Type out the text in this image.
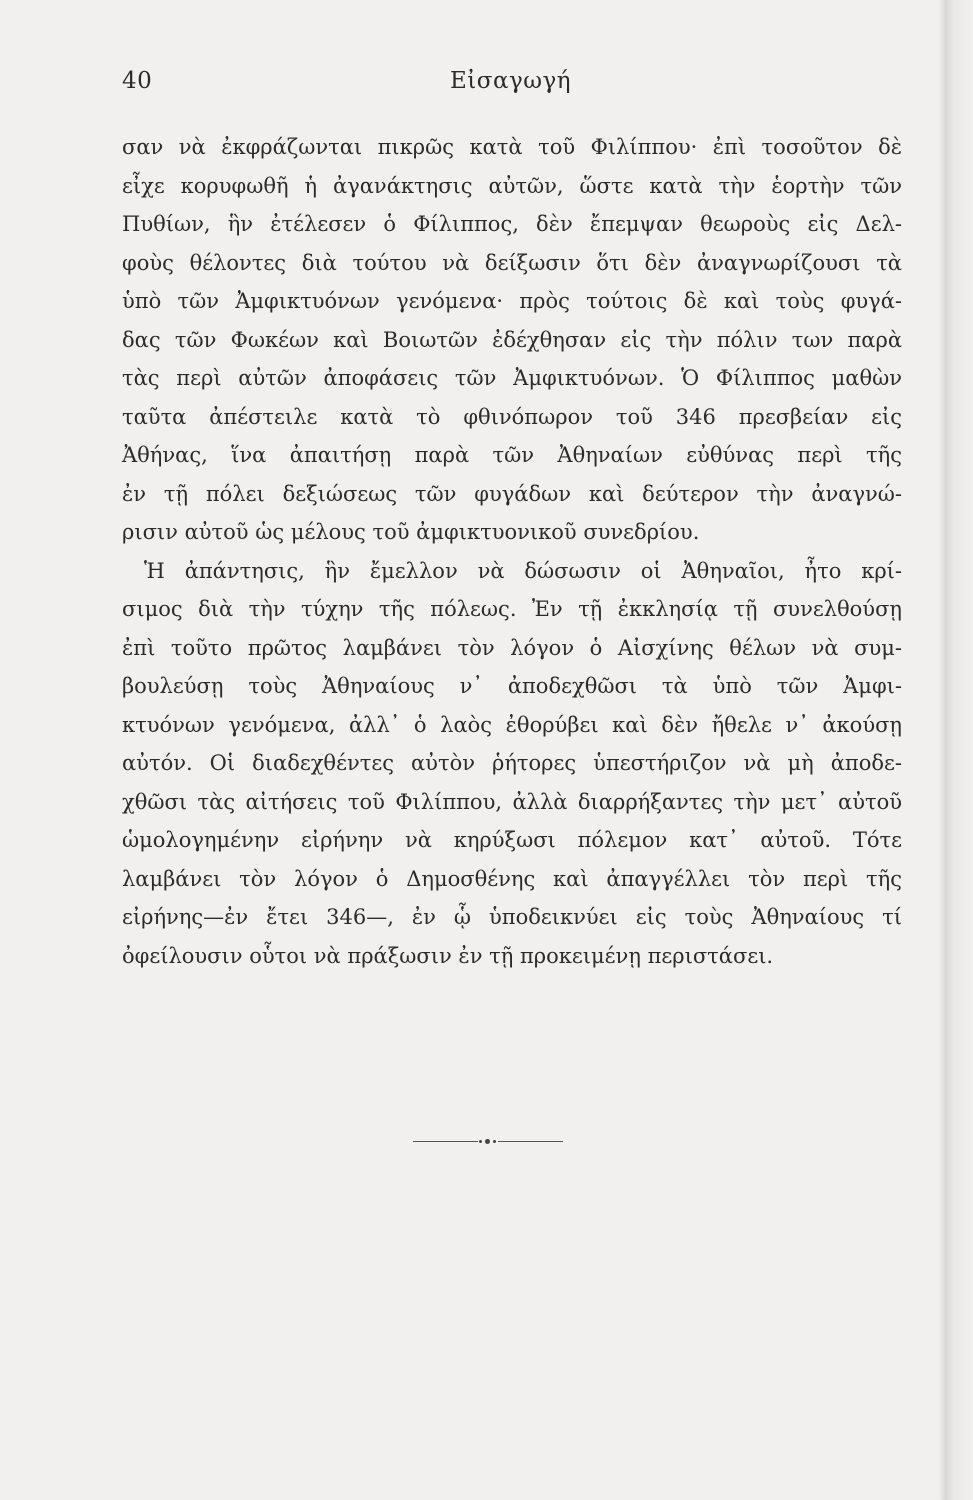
40	Εἰσαγωγή
σαν νὰ ἐκφράζωνται πικρῶς κατὰ τοῦ Φιλίππου· ἐπὶ τοσοῦτον δὲ
εἶχε κορυφωθῆ ἡ ἀγανάκτησις αὐτῶν, ὥστε κατὰ τὴν ἑορτὴν τῶν
Πυθίων, ἣν ἐτέλεσεν ὁ Φίλιππος, δὲν ἔπεμψαν θεωροὺς εἰς Δελ-
φοὺς θέλοντες διὰ τούτου νὰ δείξωσιν ὅτι δὲν ἀναγνωρίζουσι τὰ
ὑπὸ τῶν Ἀμφικτυόνων γενόμενα· πρὸς τούτοις δὲ καὶ τοὺς φυγά-
δας τῶν Φωκέων καὶ Βοιωτῶν ἐδέχθησαν εἰς τὴν πόλιν των παρὰ
τὰς περὶ αὐτῶν ἀποφάσεις τῶν Ἀμφικτυόνων. Ὁ Φίλιππος μαθὼν
ταῦτα ἀπέστειλε κατὰ τὸ φθινόπωρον τοῦ 346 πρεσβείαν εἰς
Ἀθήνας, ἵνα ἀπαιτήσῃ παρὰ τῶν Ἀθηναίων εὐθύνας περὶ τῆς
ἐν τῇ πόλει δεξιώσεως τῶν φυγάδων καὶ δεύτερον τὴν ἀναγνώ-
ρισιν αὐτοῦ ὡς μέλους τοῦ ἀμφικτυονικοῦ συνεδρίου.
Ἡ ἀπάντησις, ἣν ἔμελλον νὰ δώσωσιν οἱ Ἀθηναῖοι, ἦτο κρί-
σιμος διὰ τὴν τύχην τῆς πόλεως. Ἐν τῇ ἐκκλησίᾳ τῇ συνελθούσῃ
ἐπὶ τοῦτο πρῶτος λαμβάνει τὸν λόγον ὁ Αἰσχίνης θέλων νὰ συμ-
βουλεύσῃ τοὺς Ἀθηναίους ν᾽ ἀποδεχθῶσι τὰ ὑπὸ τῶν Ἀμφι-
κτυόνων γενόμενα, ἀλλ᾽ ὁ λαὸς ἐθορύβει καὶ δὲν ἤθελε ν᾽ ἀκούσῃ
αὐτόν. Οἱ διαδεχθέντες αὐτὸν ῥήτορες ὑπεστήριζον νὰ μὴ ἀποδε-
χθῶσι τὰς αἰτήσεις τοῦ Φιλίππου, ἀλλὰ διαρρήξαντες τὴν μετ᾽ αὐτοῦ
ὡμολογημένην εἰρήνην νὰ κηρύξωσι πόλεμον κατ᾽ αὐτοῦ. Τότε
λαμβάνει τὸν λόγον ὁ Δημοσθένης καὶ ἀπαγγέλλει τὸν περὶ τῆς
εἰρήνης—ἐν ἔτει 346—, ἐν ᾧ ὑποδεικνύει εἰς τοὺς Ἀθηναίους τί
ὀφείλουσιν οὗτοι νὰ πράξωσιν ἐν τῇ προκειμένῃ περιστάσει.
